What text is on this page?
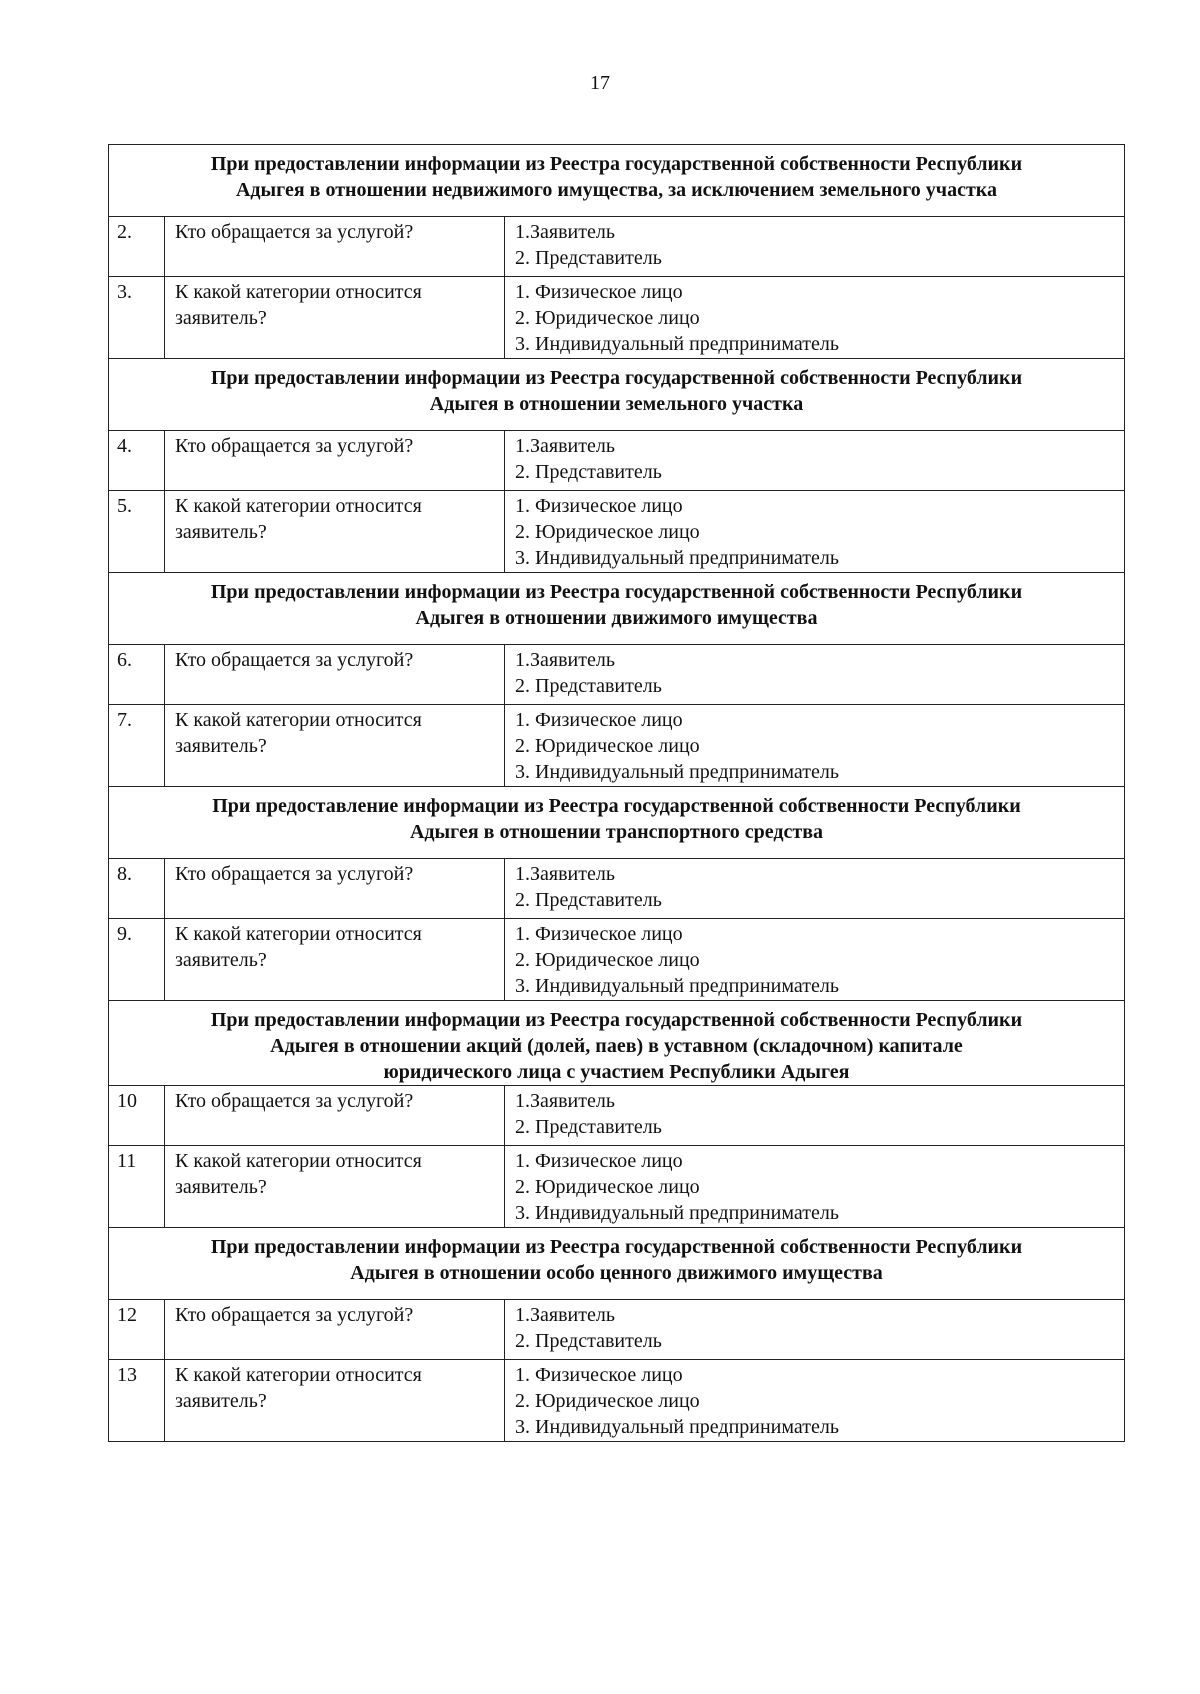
17
При предоставлении информации из Реестра государственной собственности Республики
Адыгея в отношении недвижимого имущества, за исключением земельного участка		

2.	Кто обращается за услугой?	1.Заявитель
2. Представитель

3.	К какой категории относится
заявитель?	1. Физическое лицо
2. Юридическое лицо
3. Индивидуальный предприниматель

При предоставлении информации из Реестра государственной собственности Республики
Адыгея в отношении земельного участка		

4.	Кто обращается за услугой?	1.Заявитель
2. Представитель

5.	К какой категории относится
заявитель?	1. Физическое лицо
2. Юридическое лицо
3. Индивидуальный предприниматель

При предоставлении информации из Реестра государственной собственности Республики
Адыгея в отношении движимого имущества		

6.	Кто обращается за услугой?	1.Заявитель
2. Представитель

7.	К какой категории относится
заявитель?	1. Физическое лицо
2. Юридическое лицо
3. Индивидуальный предприниматель

При предоставление информации из Реестра государственной собственности Республики
Адыгея в отношении транспортного средства		

8.	Кто обращается за услугой?	1.Заявитель
2. Представитель

9.	К какой категории относится
заявитель?	1. Физическое лицо
2. Юридическое лицо
3. Индивидуальный предприниматель

При предоставлении информации из Реестра государственной собственности Республики
Адыгея в отношении акций (долей, паев) в уставном (складочном) капитале
юридического лица с участием Республики Адыгея		

10	Кто обращается за услугой?	1.Заявитель
2. Представитель

11	К какой категории относится
заявитель?	1. Физическое лицо
2. Юридическое лицо
3. Индивидуальный предприниматель

При предоставлении информации из Реестра государственной собственности Республики
Адыгея в отношении особо ценного движимого имущества		

12	Кто обращается за услугой?	1.Заявитель
2. Представитель

13	К какой категории относится
заявитель?	1. Физическое лицо
2. Юридическое лицо
3. Индивидуальный предприниматель
